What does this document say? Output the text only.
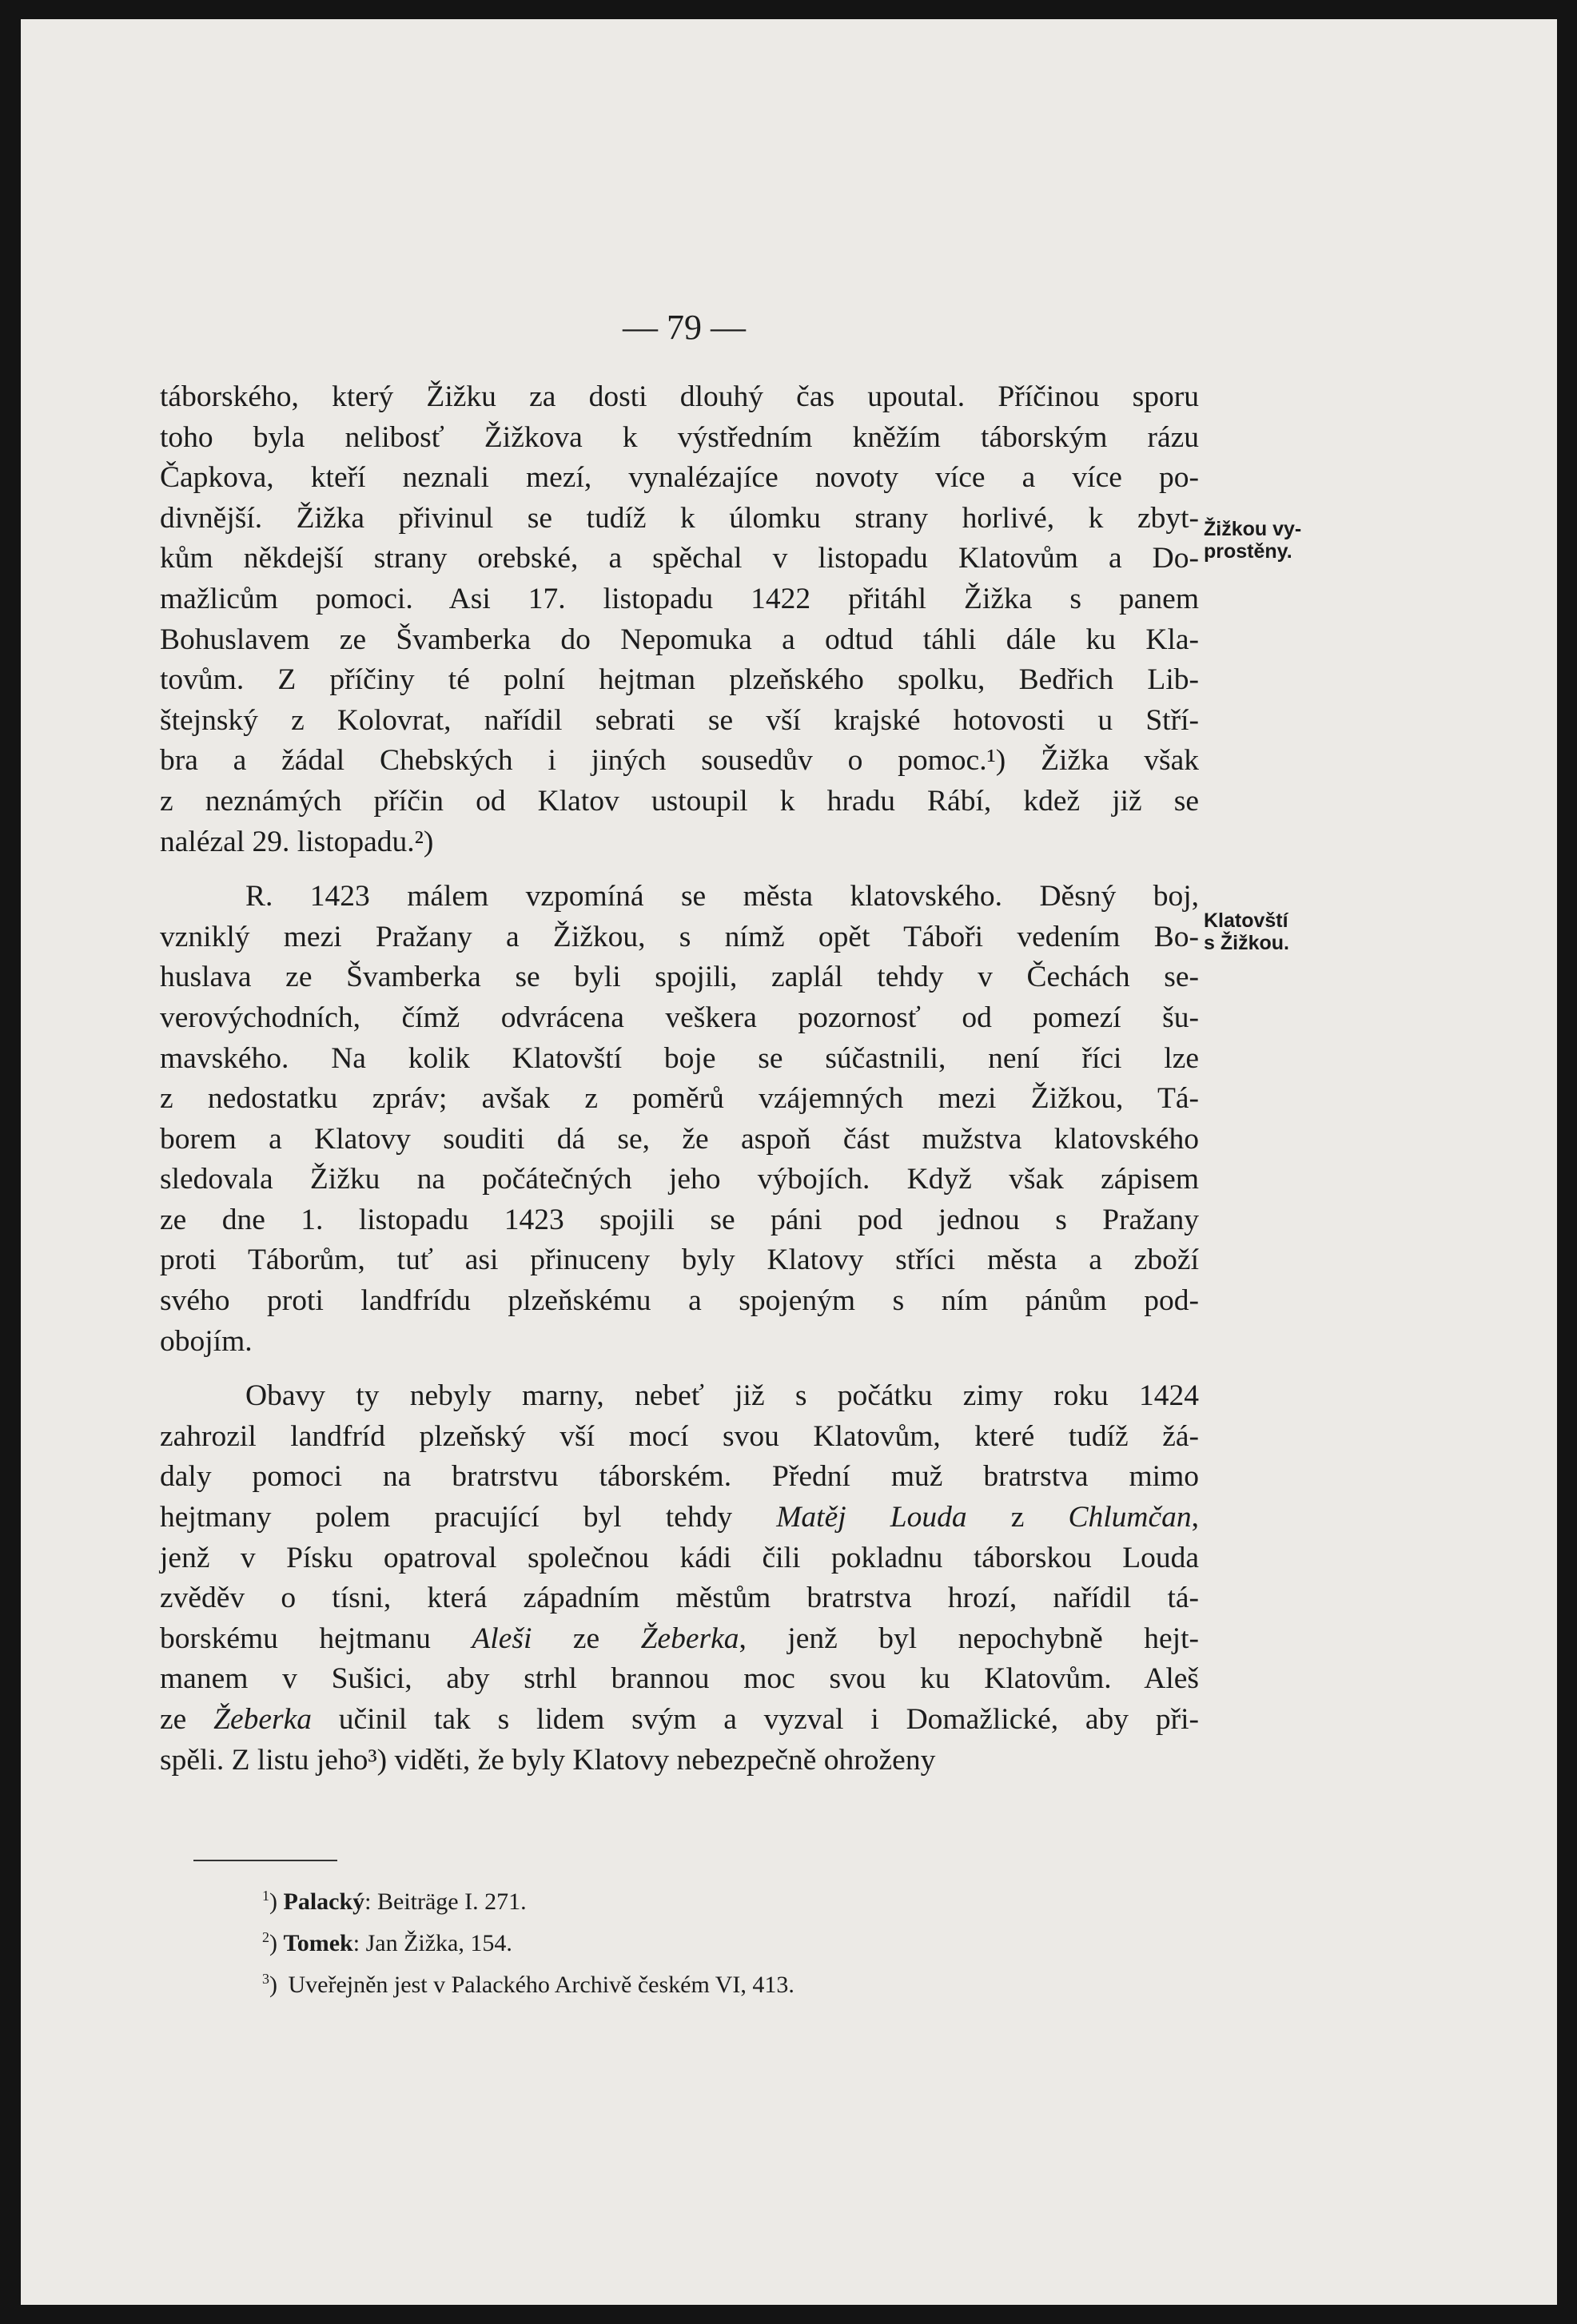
— 79 —

táborského, který Žižku za dosti dlouhý čas upoutal. Příčinou sporu
toho byla nelibosť Žižkova k výstředním kněžím táborským rázu
Čapkova, kteří neznali mezí, vynalézajíce novoty více a více po-
divnější. Žižka přivinul se tudíž k úlomku strany horlivé, k zbyt-
kům někdejší strany orebské, a spěchal v listopadu Klatovům a Do-
mažlicům pomoci. Asi 17. listopadu 1422 přitáhl Žižka s panem
Bohuslavem ze Švamberka do Nepomuka a odtud táhli dále ku Kla-
tovům. Z příčiny té polní hejtman plzeňského spolku, Bedřich Lib-
štejnský z Kolovrat, nařídil sebrati se vší krajské hotovosti u Stří-
bra a žádal Chebských i jiných sousedův o pomoc.¹) Žižka však
z neznámých příčin od Klatov ustoupil k hradu Rábí, kdež již se
nalézal 29. listopadu.²)

R. 1423 málem vzpomíná se města klatovského. Děsný boj,
vzniklý mezi Pražany a Žižkou, s nímž opět Táboři vedením Bo-
huslava ze Švamberka se byli spojili, zaplál tehdy v Čechách se-
verovýchodních, čímž odvrácena veškera pozornosť od pomezí šu-
mavského. Na kolik Klatovští boje se súčastnili, není říci lze
z nedostatku zpráv; avšak z poměrů vzájemných mezi Žižkou, Tá-
borem a Klatovy souditi dá se, že aspoň část mužstva klatovského
sledovala Žižku na počátečných jeho výbojích. Když však zápisem
ze dne 1. listopadu 1423 spojili se páni pod jednou s Pražany
proti Táborům, tuť asi přinuceny byly Klatovy stříci města a zboží
svého proti landfrídu plzeňskému a spojeným s ním pánům pod-
obojím.

Obavy ty nebyly marny, nebeť již s počátku zimy roku 1424
zahrozil landfríd plzeňský vší mocí svou Klatovům, které tudíž žá-
daly pomoci na bratrstvu táborském. Přední muž bratrstva mimo
hejtmany polem pracující byl tehdy Matěj Louda z Chlumčan,
jenž v Písku opatroval společnou kádi čili pokladnu táborskou Louda
zvěděv o tísni, která západním městům bratrstva hrozí, nařídil tá-
borskému hejtmanu Aleši ze Žeberka, jenž byl nepochybně hejt-
manem v Sušici, aby strhl brannou moc svou ku Klatovům. Aleš
ze Žeberka učinil tak s lidem svým a vyzval i Domažlické, aby při-
spěli. Z listu jeho³) viděti, že byly Klatovy nebezpečně ohroženy

Žižkou vy-
prostěny.
Klatovští
s Žižkou.
$^1$) Palacký: Beiträge I. 271.
$^2$) Tomek: Jan Žižka, 154.
$^3$) Uveřejněn jest v Palackého Archivě českém VI, 413.
